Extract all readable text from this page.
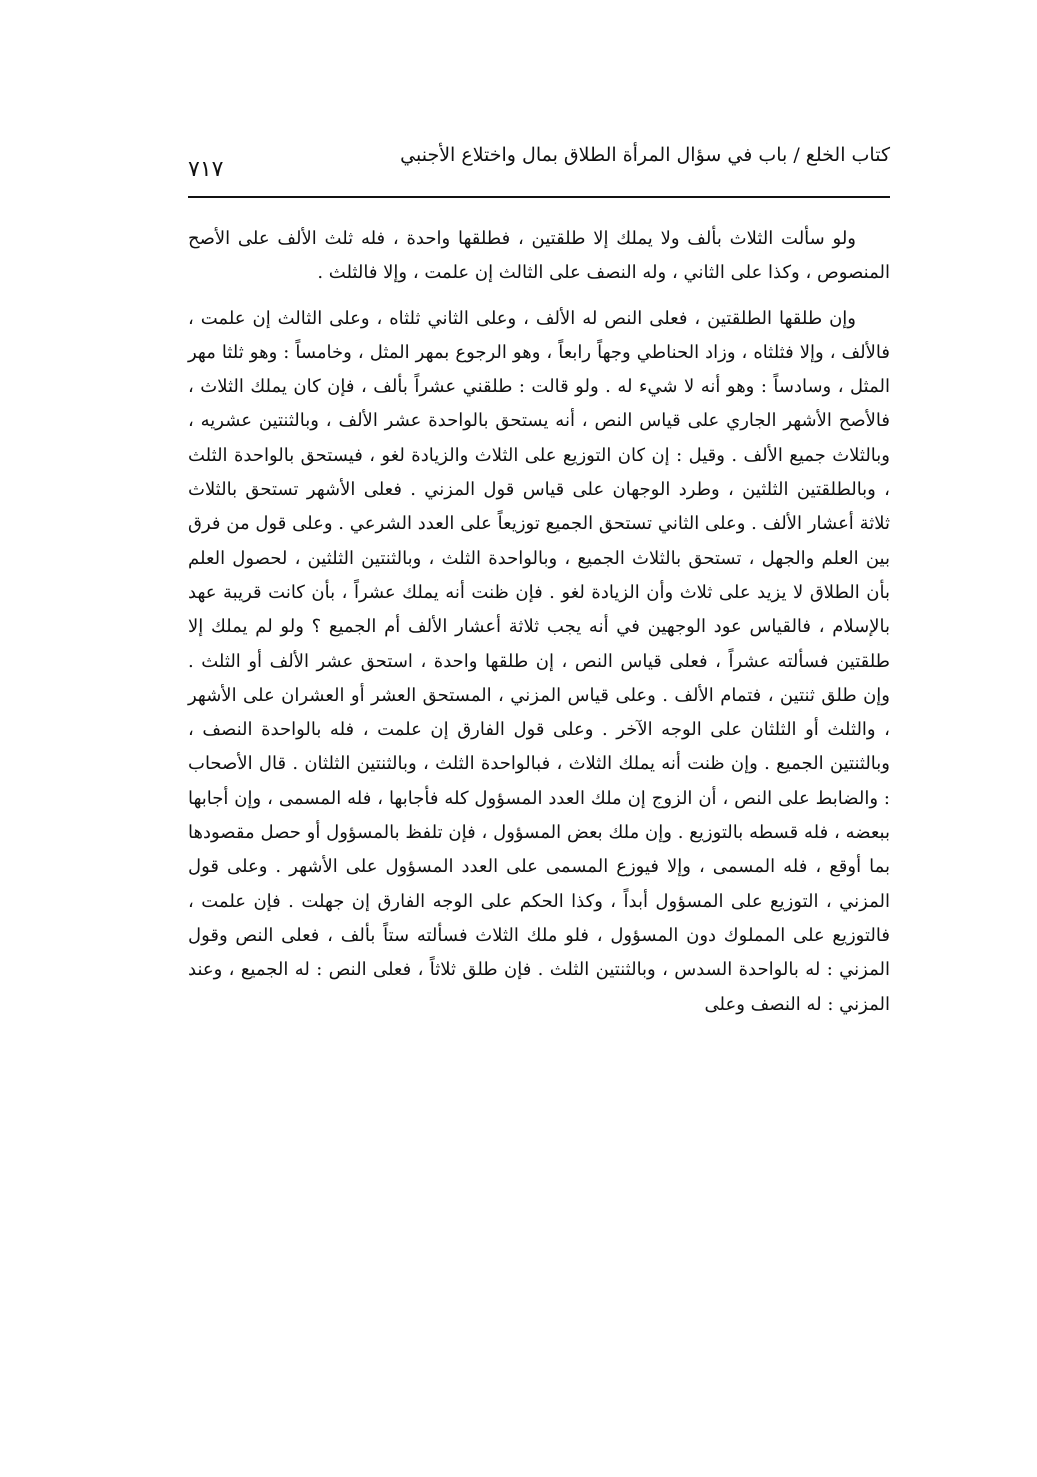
كتاب الخلع / باب في سؤال المرأة الطلاق بمال واختلاع الأجنبي
٧١٧

ولو سألت الثلاث بألف ولا يملك إلا طلقتين ، فطلقها واحدة ، فله ثلث الألف على الأصح المنصوص ، وكذا على الثاني ، وله النصف على الثالث إن علمت ، وإلا فالثلث .

وإن طلقها الطلقتين ، فعلى النص له الألف ، وعلى الثاني ثلثاه ، وعلى الثالث إن علمت ، فالألف ، وإلا فثلثاه ، وزاد الحناطي وجهاً رابعاً ، وهو الرجوع بمهر المثل ، وخامساً : وهو ثلثا مهر المثل ، وسادساً : وهو أنه لا شيء له . ولو قالت : طلقني عشراً بألف ، فإن كان يملك الثلاث ، فالأصح الأشهر الجاري على قياس النص ، أنه يستحق بالواحدة عشر الألف ، وبالثنتين عشريه ، وبالثلاث جميع الألف . وقيل : إن كان التوزيع على الثلاث والزيادة لغو ، فيستحق بالواحدة الثلث ، وبالطلقتين الثلثين ، وطرد الوجهان على قياس قول المزني . فعلى الأشهر تستحق بالثلاث ثلاثة أعشار الألف . وعلى الثاني تستحق الجميع توزيعاً على العدد الشرعي . وعلى قول من فرق بين العلم والجهل ، تستحق بالثلاث الجميع ، وبالواحدة الثلث ، وبالثنتين الثلثين ، لحصول العلم بأن الطلاق لا يزيد على ثلاث وأن الزيادة لغو . فإن ظنت أنه يملك عشراً ، بأن كانت قريبة عهد بالإسلام ، فالقياس عود الوجهين في أنه يجب ثلاثة أعشار الألف أم الجميع ؟ ولو لم يملك إلا طلقتين فسألته عشراً ، فعلى قياس النص ، إن طلقها واحدة ، استحق عشر الألف أو الثلث . وإن طلق ثنتين ، فتمام الألف . وعلى قياس المزني ، المستحق العشر أو العشران على الأشهر ، والثلث أو الثلثان على الوجه الآخر . وعلى قول الفارق إن علمت ، فله بالواحدة النصف ، وبالثنتين الجميع . وإن ظنت أنه يملك الثلاث ، فبالواحدة الثلث ، وبالثنتين الثلثان . قال الأصحاب : والضابط على النص ، أن الزوج إن ملك العدد المسؤول كله فأجابها ، فله المسمى ، وإن أجابها ببعضه ، فله قسطه بالتوزيع . وإن ملك بعض المسؤول ، فإن تلفظ بالمسؤول أو حصل مقصودها بما أوقع ، فله المسمى ، وإلا فيوزع المسمى على العدد المسؤول على الأشهر . وعلى قول المزني ، التوزيع على المسؤول أبداً ، وكذا الحكم على الوجه الفارق إن جهلت . فإن علمت ، فالتوزيع على المملوك دون المسؤول ، فلو ملك الثلاث فسألته ستاً بألف ، فعلى النص وقول المزني : له بالواحدة السدس ، وبالثنتين الثلث . فإن طلق ثلاثاً ، فعلى النص : له الجميع ، وعند المزني : له النصف وعلى
